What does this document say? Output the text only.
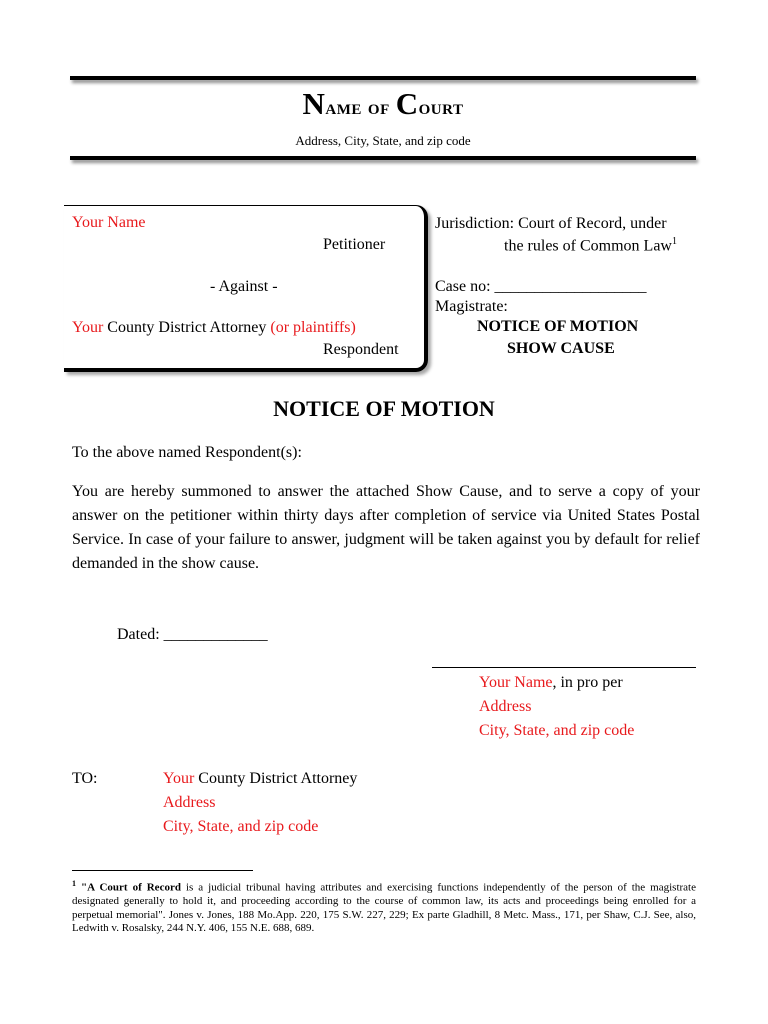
Name of Court
Address, City, State, and zip code
Your Name
Petitioner
- Against -
Your County District Attorney (or plaintiffs)
Respondent
Jurisdiction: Court of Record, under
the rules of Common Law$^1$
Case no: ___________________
Magistrate:
NOTICE OF MOTION
SHOW CAUSE
NOTICE OF MOTION
To the above named Respondent(s):
You are hereby summoned to answer the attached Show Cause, and to serve a copy of your answer on the petitioner within thirty days after completion of service via United States Postal Service. In case of your failure to answer, judgment will be taken against you by default for relief demanded in the show cause.
Dated: _____________
Your Name, in pro per
Address
City, State, and zip code
TO:	Your County District Attorney
Address
City, State, and zip code
$^1$ "A Court of Record is a judicial tribunal having attributes and exercising functions independently of the person of the magistrate designated generally to hold it, and proceeding according to the course of common law, its acts and proceedings being enrolled for a perpetual memorial". Jones v. Jones, 188 Mo.App. 220, 175 S.W. 227, 229; Ex parte Gladhill, 8 Metc. Mass., 171, per Shaw, C.J. See, also, Ledwith v. Rosalsky, 244 N.Y. 406, 155 N.E. 688, 689.
